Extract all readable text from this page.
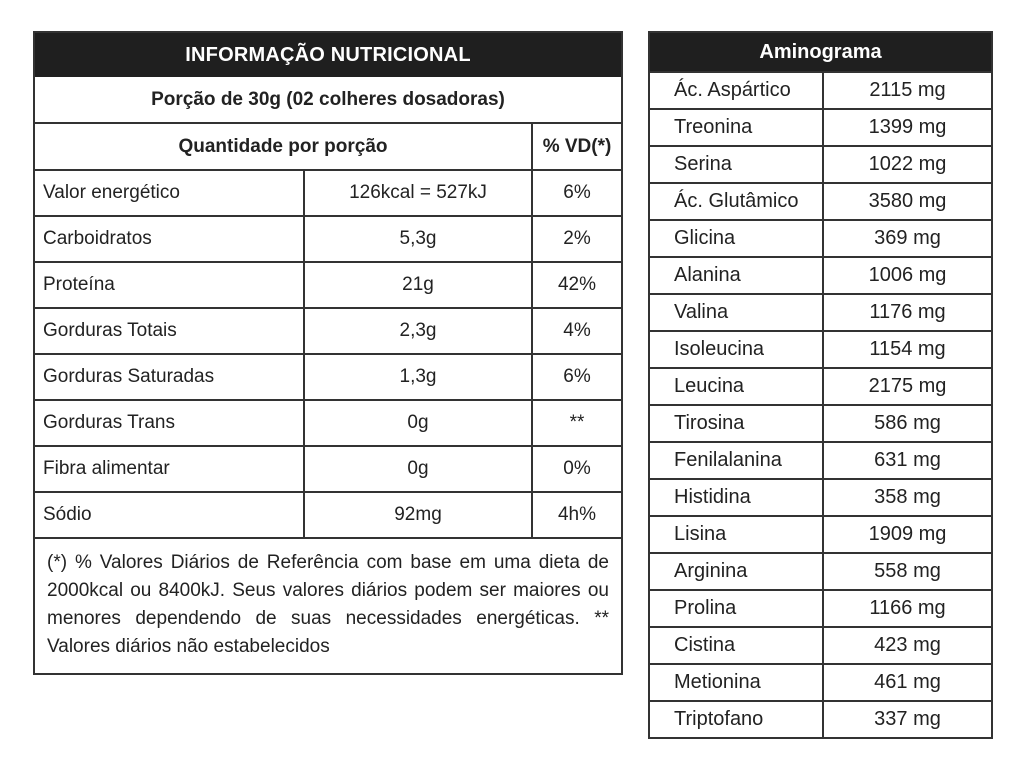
INFORMAÇÃO NUTRICIONAL
Porção de 30g (02 colheres dosadoras)
Quantidade por porção	% VD(*)
Valor energético	126kcal = 527kJ	6%
Carboidratos	5,3g	2%
Proteína	21g	42%
Gorduras Totais	2,3g	4%
Gorduras Saturadas	1,3g	6%
Gorduras Trans	0g	**
Fibra alimentar	0g	0%
Sódio	92mg	4h%
(*) % Valores Diários de Referência com base em uma dieta de 2000kcal ou 8400kJ. Seus valores diários podem ser maiores ou menores dependendo de suas necessidades energéticas. ** Valores diários não estabelecidos
Aminograma
Ác. Aspártico	2115 mg
Treonina	1399 mg
Serina	1022 mg
Ác. Glutâmico	3580 mg
Glicina	369 mg
Alanina	1006 mg
Valina	1176 mg
Isoleucina	1154 mg
Leucina	2175 mg
Tirosina	586 mg
Fenilalanina	631 mg
Histidina	358 mg
Lisina	1909 mg
Arginina	558 mg
Prolina	1166 mg
Cistina	423 mg
Metionina	461 mg
Triptofano	337 mg
